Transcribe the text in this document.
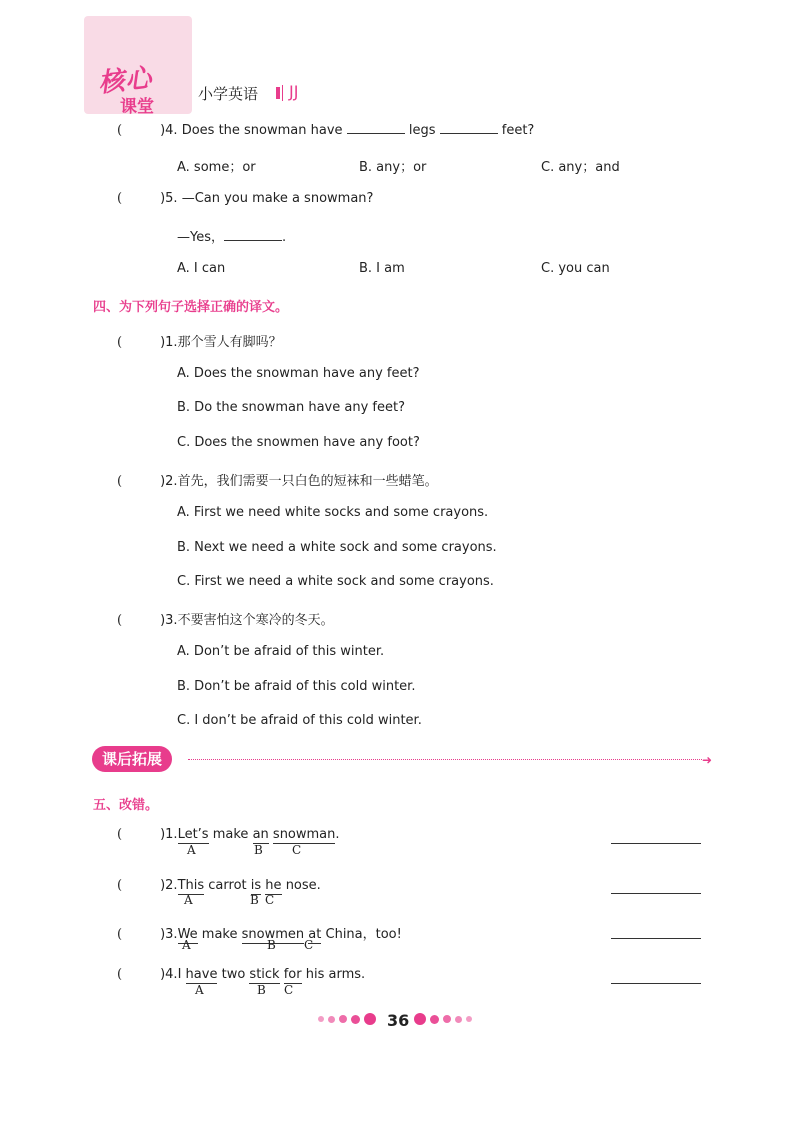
核心
课堂
小学英语 JJ
(	)4. Does the snowman have	legs	feet?
A. some；or	B. any；or	C. any；and
(	)5. —Can you make a snowman?
—Yes，	.
A. I can	B. I am	C. you can
四、为下列句子选择正确的译文。
(	)1.那个雪人有脚吗？
A. Does the snowman have any feet?
B. Do the snowman have any feet?
C. Does the snowmen have any foot?
(	)2.首先，我们需要一只白色的短袜和一些蜡笔。
A. First we need white socks and some crayons.
B. Next we need a white sock and some crayons.
C. First we need a white sock and some crayons.
(	)3.不要害怕这个寒冷的冬天。
A. Don’t be afraid of this winter.
B. Don’t be afraid of this cold winter.
C. I don’t be afraid of this cold winter.
课后拓展	➜
五、改错。
(	)1.Let’s make an snowman.
A	B C
(	)2.This carrot is he nose.
A	B C
(	)3.We make snowmen at China，too!
A	B C
(	)4.I have two stick for his arms.
A	B C
36
